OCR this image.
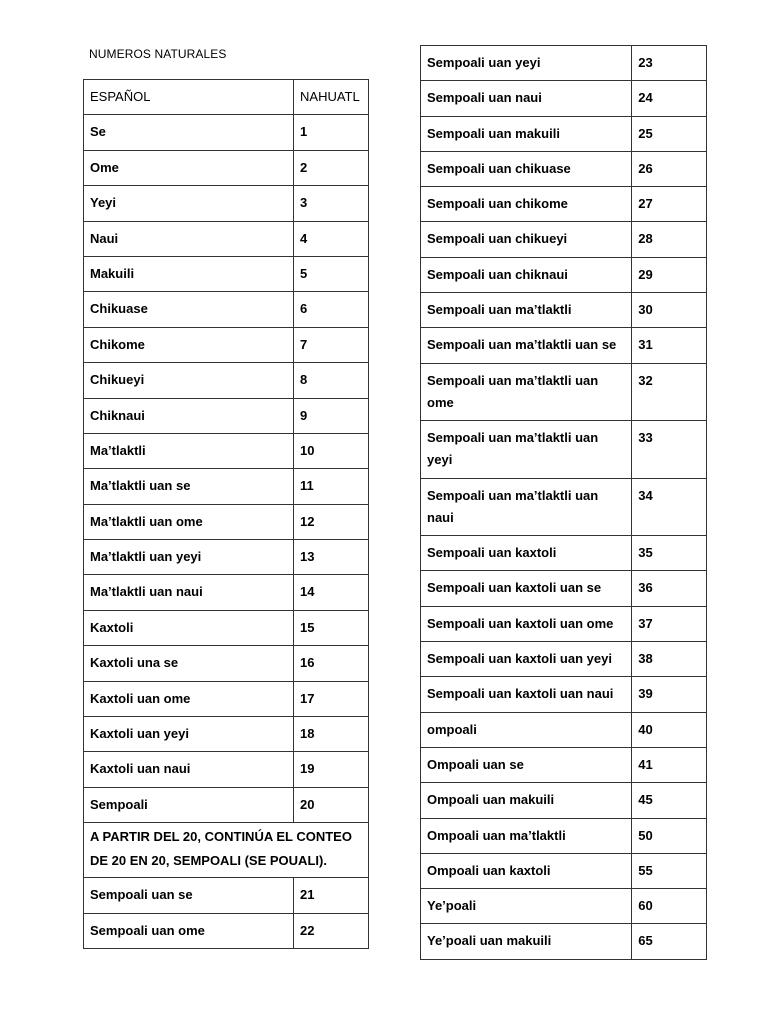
NUMEROS NATURALES
ESPAÑOL	NAHUATL
Se	1
Ome	2
Yeyi	3
Naui	4
Makuili	5
Chikuase	6
Chikome	7
Chikueyi	8
Chiknaui	9
Ma’tlaktli	10
Ma’tlaktli uan se	11
Ma’tlaktli uan ome	12
Ma’tlaktli uan yeyi	13
Ma’tlaktli uan naui	14
Kaxtoli	15
Kaxtoli una se	16
Kaxtoli uan ome	17
Kaxtoli uan yeyi	18
Kaxtoli uan naui	19
Sempoali	20
A PARTIR DEL 20, CONTINÚA EL CONTEO DE 20 EN 20, SEMPOALI (SE POUALI).	
Sempoali uan se	21
Sempoali uan ome	22
Sempoali uan yeyi	23
Sempoali uan naui	24
Sempoali uan makuili	25
Sempoali uan chikuase	26
Sempoali uan chikome	27
Sempoali uan chikueyi	28
Sempoali uan chiknaui	29
Sempoali uan ma’tlaktli	30
Sempoali uan ma’tlaktli uan se	31
Sempoali uan ma’tlaktli uan ome	32
Sempoali uan ma’tlaktli uan yeyi	33
Sempoali uan ma’tlaktli uan naui	34
Sempoali uan kaxtoli	35
Sempoali uan kaxtoli uan se	36
Sempoali uan kaxtoli uan ome	37
Sempoali uan kaxtoli uan yeyi	38
Sempoali uan kaxtoli uan naui	39
ompoali	40
Ompoali uan se	41
Ompoali uan makuili	45
Ompoali uan ma’tlaktli	50
Ompoali uan kaxtoli	55
Ye’poali	60
Ye’poali uan makuili	65
